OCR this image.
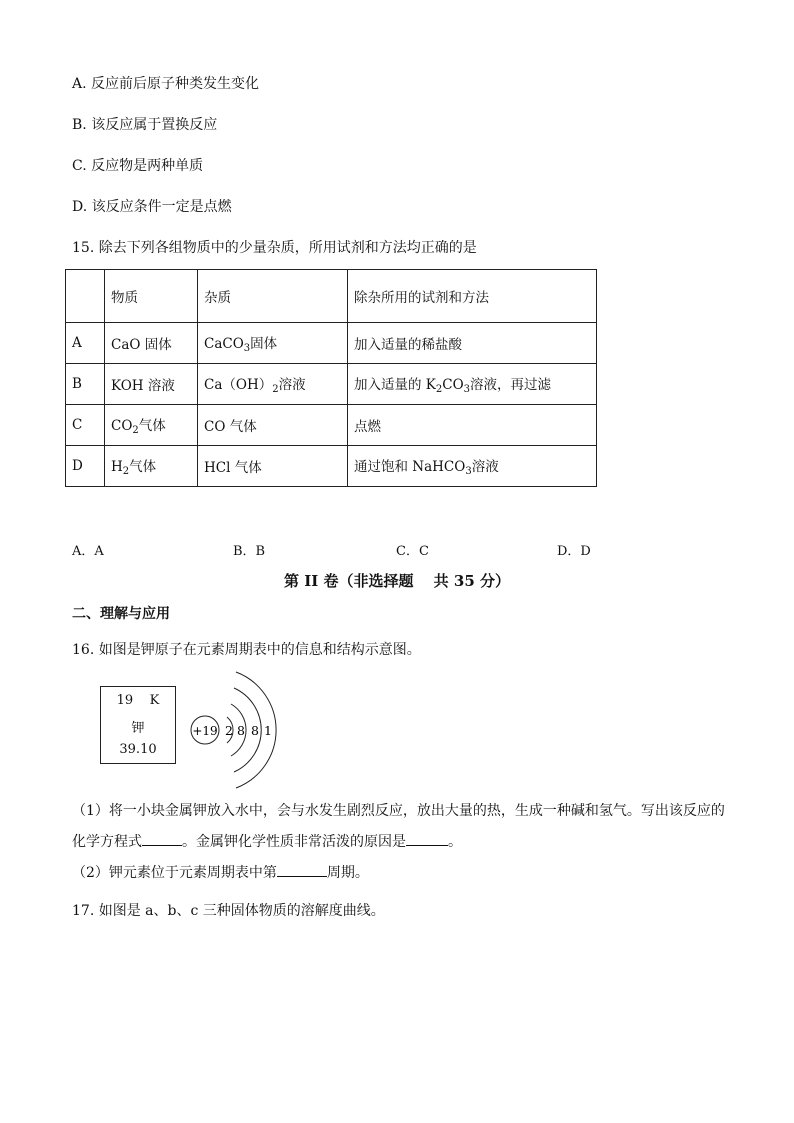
A. 反应前后原子种类发生变化
B. 该反应属于置换反应
C. 反应物是两种单质
D. 该反应条件一定是点燃
15. 除去下列各组物质中的少量杂质，所用试剂和方法均正确的是
	物质	杂质	除杂所用的试剂和方法
A	CaO 固体	CaCO$_3$固体	加入适量的稀盐酸
B	KOH 溶液	$Ca(OH)_2$溶液	加入适量的 $K_2CO_3$溶液，再过滤
C	$CO_2$气体	CO 气体	点燃
D	$H_2$气体	HCl 气体	通过饱和 NaHCO$_3$溶液
A．A	B．B	C．C	D．D
第 II 卷（非选择题　 共 35 分）
二、理解与应用
16. 如图是钾原子在元素周期表中的信息和结构示意图。
19 K
钾
39.10
+19 2 8 8 1
（1）将一小块金属钾放入水中，会与水发生剧烈反应，放出大量的热，生成一种碱和氢气。写出该反应的
化学方程式	。金属钾化学性质非常活泼的原因是	。
（2）钾元素位于元素周期表中第	周期。
17. 如图是 a、b、c 三种固体物质的溶解度曲线。
